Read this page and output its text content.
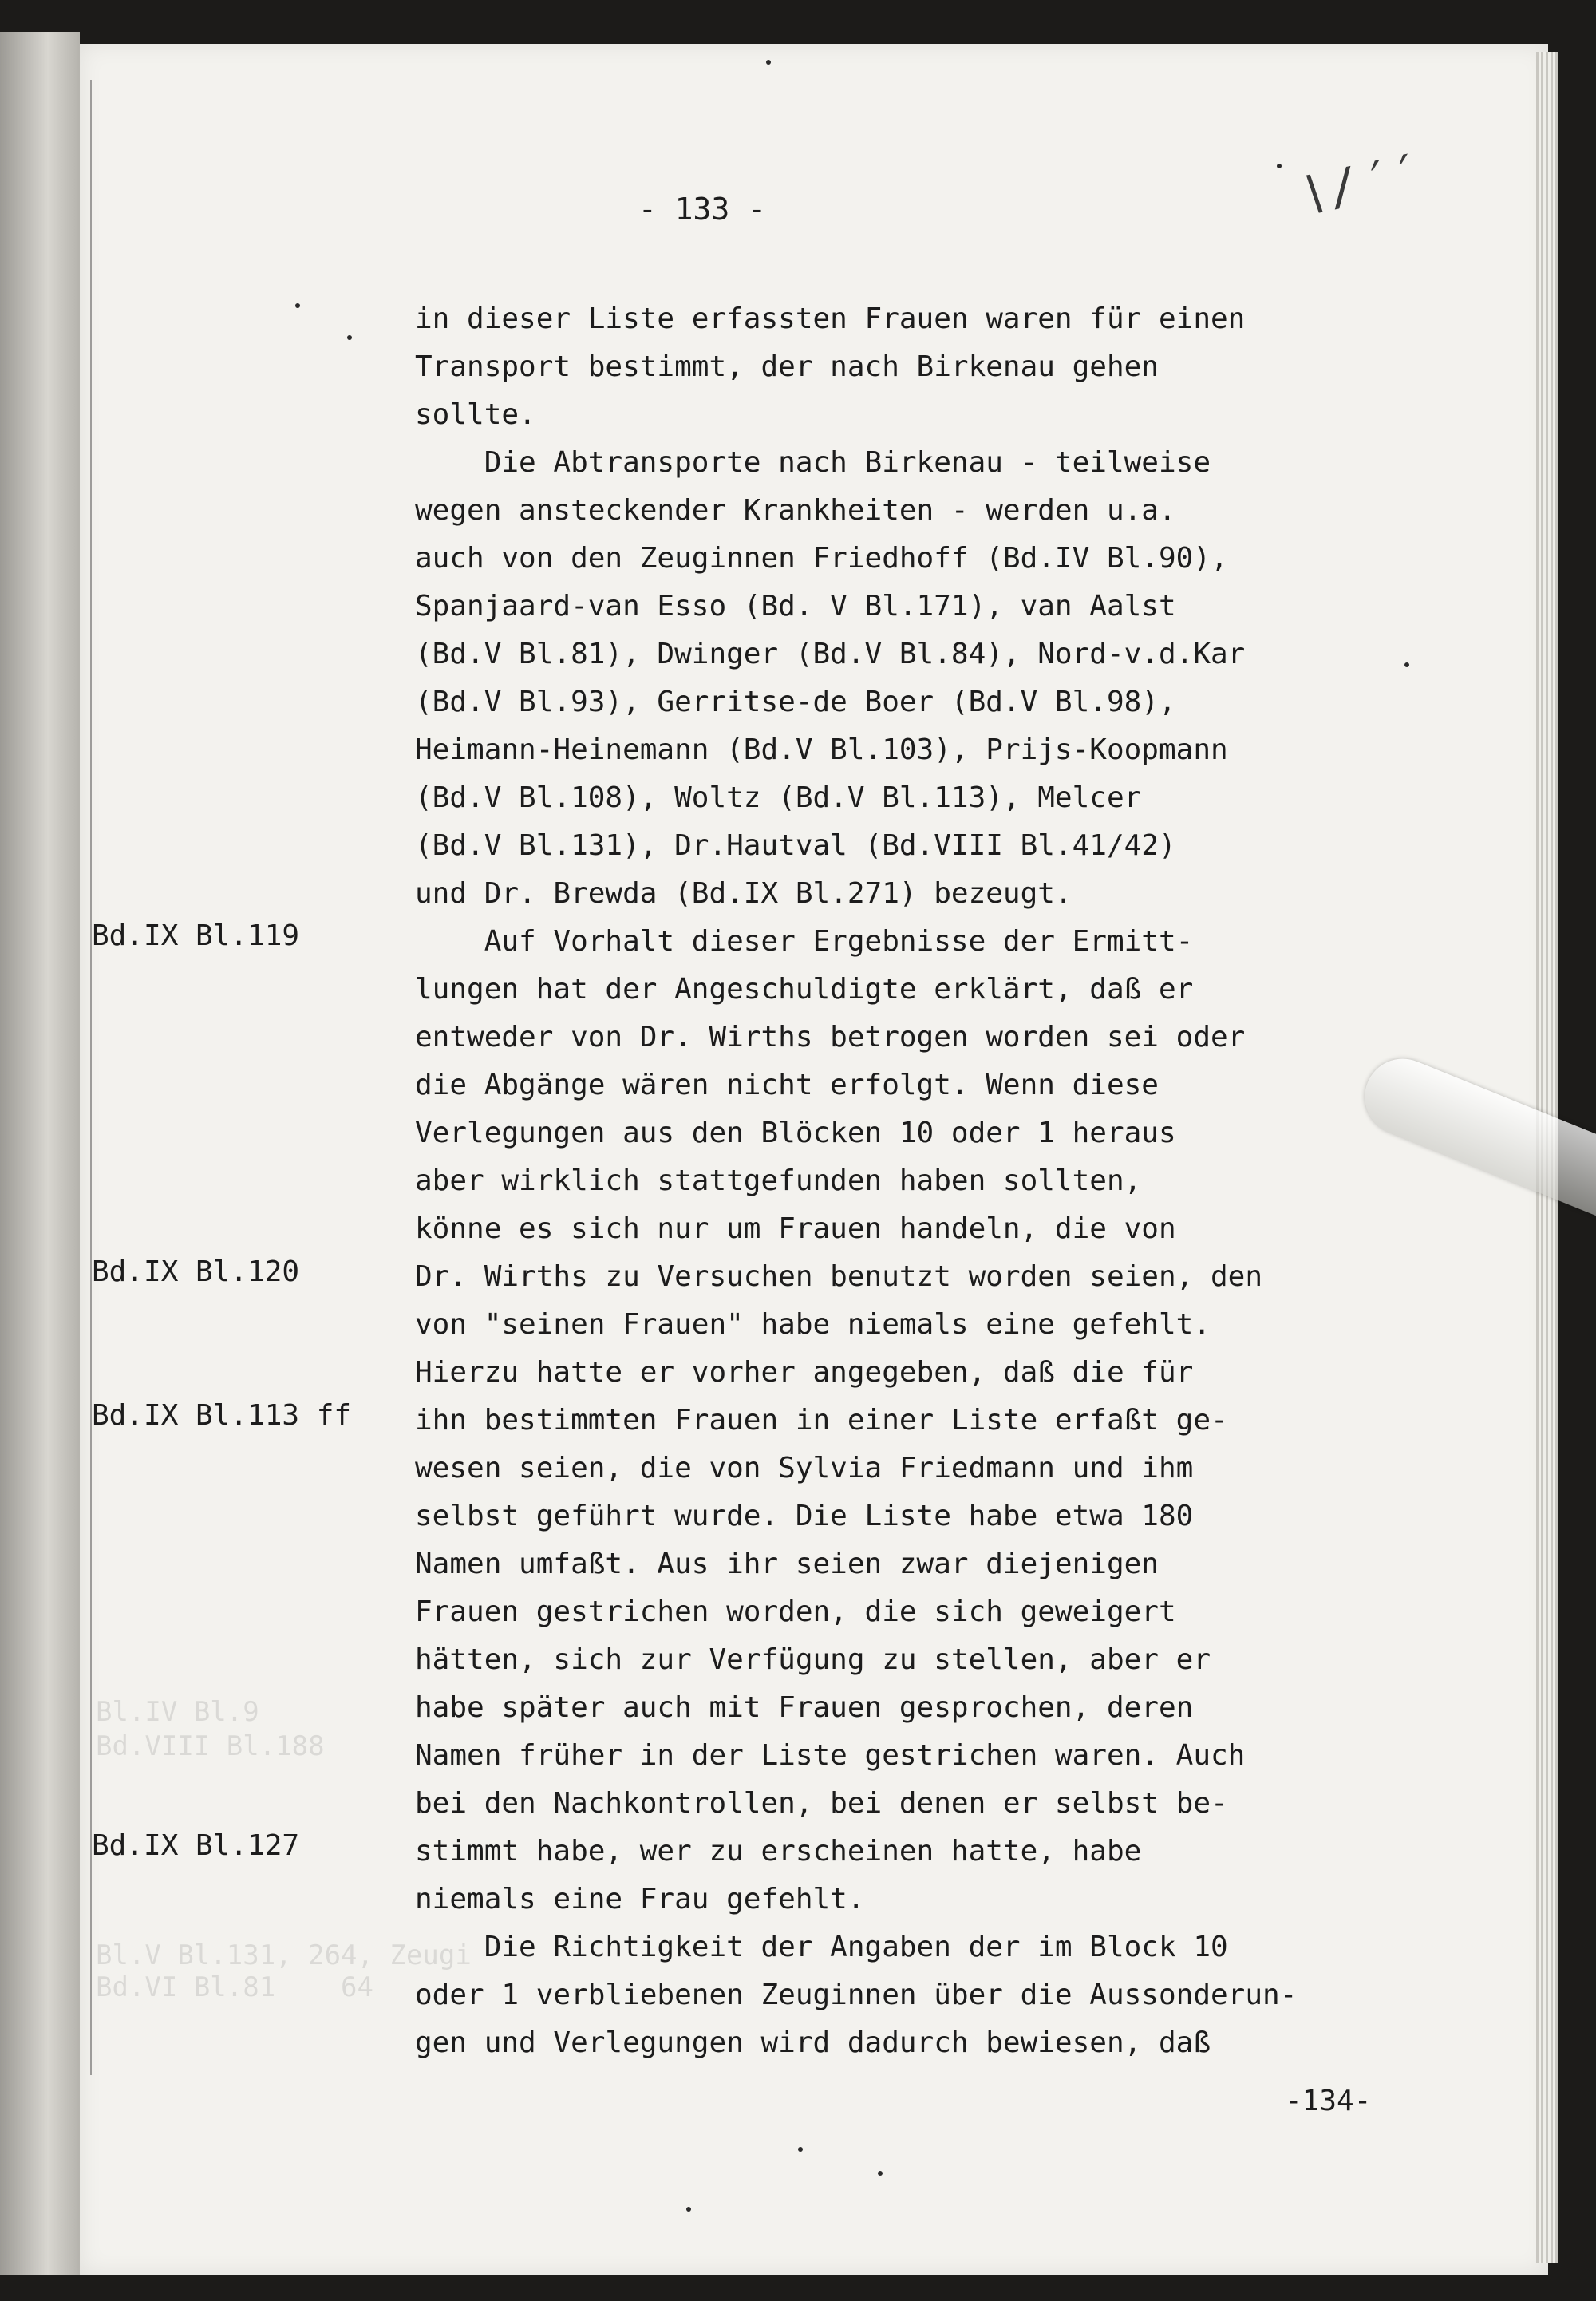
- 133 -	\/′′
Bl.IV Bl.9
Bd.VIII Bl.188
Bl.V Bl.131, 264, Zeugi
Bd.VI Bl.81    64
Bd.IX Bl.119
Bd.IX Bl.120
Bd.IX Bl.113 ff
Bd.IX Bl.127
in dieser Liste erfassten Frauen waren für einen
Transport bestimmt, der nach Birkenau gehen
sollte.
Die Abtransporte nach Birkenau - teilweise
wegen ansteckender Krankheiten - werden u.a.
auch von den Zeuginnen Friedhoff (Bd.IV Bl.90),
Spanjaard-van Esso (Bd. V Bl.171), van Aalst
(Bd.V Bl.81), Dwinger (Bd.V Bl.84), Nord-v.d.Kar
(Bd.V Bl.93), Gerritse-de Boer (Bd.V Bl.98),
Heimann-Heinemann (Bd.V Bl.103), Prijs-Koopmann
(Bd.V Bl.108), Woltz (Bd.V Bl.113), Melcer
(Bd.V Bl.131), Dr.Hautval (Bd.VIII Bl.41/42)
und Dr. Brewda (Bd.IX Bl.271) bezeugt.
Auf Vorhalt dieser Ergebnisse der Ermitt-
lungen hat der Angeschuldigte erklärt, daß er
entweder von Dr. Wirths betrogen worden sei oder
die Abgänge wären nicht erfolgt. Wenn diese
Verlegungen aus den Blöcken 10 oder 1 heraus
aber wirklich stattgefunden haben sollten,
könne es sich nur um Frauen handeln, die von
Dr. Wirths zu Versuchen benutzt worden seien, den
von "seinen Frauen" habe niemals eine gefehlt.
Hierzu hatte er vorher angegeben, daß die für
ihn bestimmten Frauen in einer Liste erfaßt ge-
wesen seien, die von Sylvia Friedmann und ihm
selbst geführt wurde. Die Liste habe etwa 180
Namen umfaßt. Aus ihr seien zwar diejenigen
Frauen gestrichen worden, die sich geweigert
hätten, sich zur Verfügung zu stellen, aber er
habe später auch mit Frauen gesprochen, deren
Namen früher in der Liste gestrichen waren. Auch
bei den Nachkontrollen, bei denen er selbst be-
stimmt habe, wer zu erscheinen hatte, habe
niemals eine Frau gefehlt.
Die Richtigkeit der Angaben der im Block 10
oder 1 verbliebenen Zeuginnen über die Aussonderun-
gen und Verlegungen wird dadurch bewiesen, daß
-134-
